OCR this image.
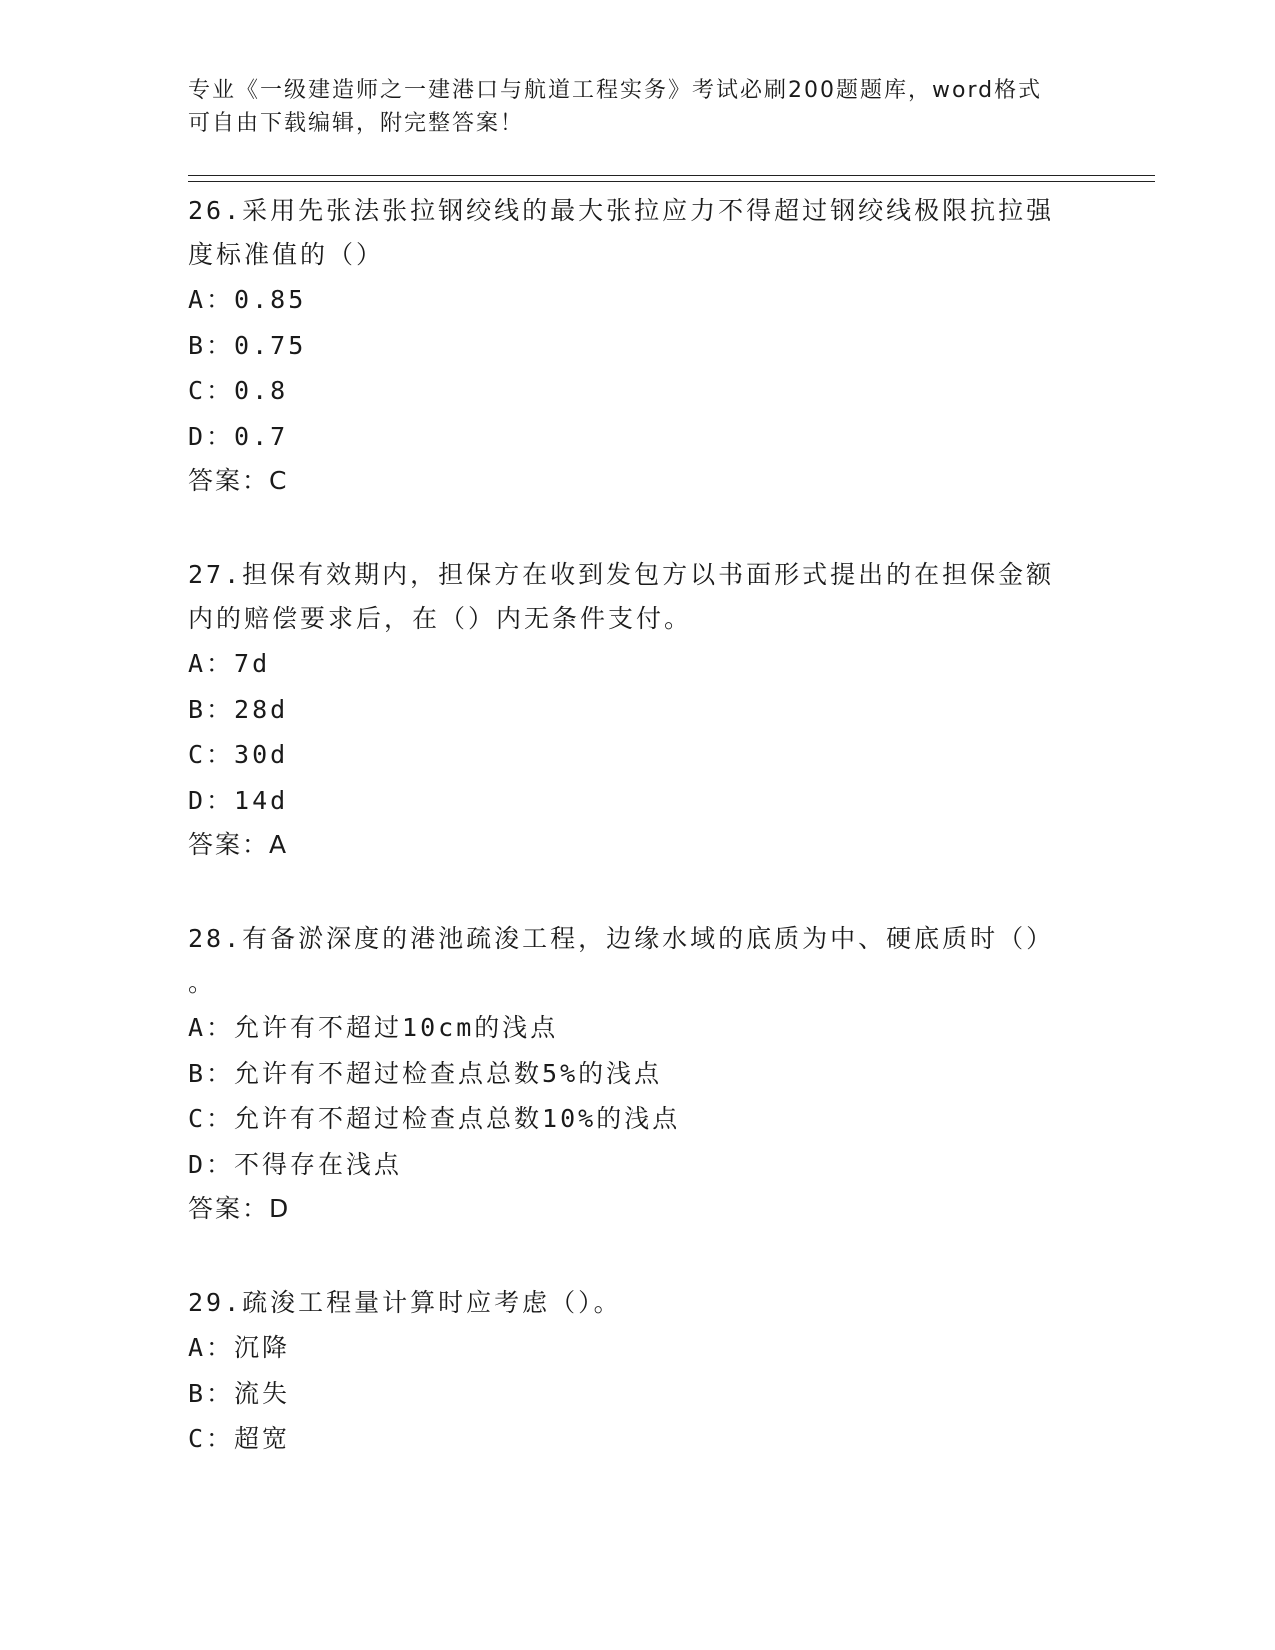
专业《一级建造师之一建港口与航道工程实务》考试必刷200题题库，word格式
可自由下载编辑，附完整答案！
26.采用先张法张拉钢绞线的最大张拉应力不得超过钢绞线极限抗拉强
度标准值的（）
A：0.85
B：0.75
C：0.8
D：0.7
答案：C
27.担保有效期内，担保方在收到发包方以书面形式提出的在担保金额
内的赔偿要求后，在（）内无条件支付。
A：7d
B：28d
C：30d
D：14d
答案：A
28.有备淤深度的港池疏浚工程，边缘水域的底质为中、硬底质时（）
。
A：允许有不超过10cm的浅点
B：允许有不超过检查点总数5%的浅点
C：允许有不超过检查点总数10%的浅点
D：不得存在浅点
答案：D
29.疏浚工程量计算时应考虑（）。
A：沉降
B：流失
C：超宽
